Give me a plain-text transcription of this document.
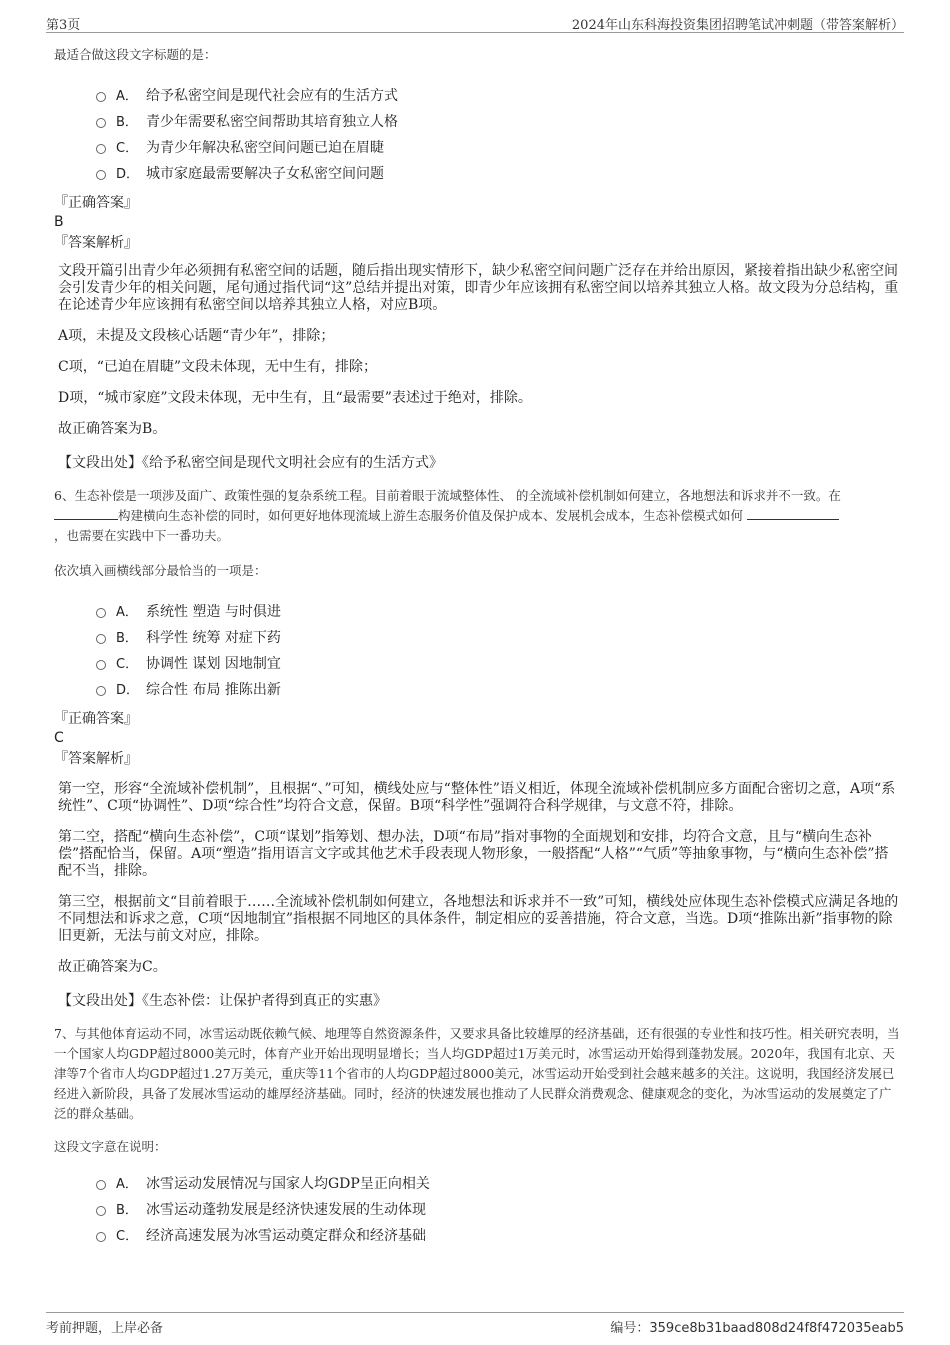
第3页	2024年山东科海投资集团招聘笔试冲刺题（带答案解析）

最适合做这段文字标题的是：

A． 给予私密空间是现代社会应有的生活方式
B． 青少年需要私密空间帮助其培育独立人格
C． 为青少年解决私密空间问题已迫在眉睫
D． 城市家庭最需要解决子女私密空间问题

『正确答案』

B

『答案解析』

文段开篇引出青少年必须拥有私密空间的话题，随后指出现实情形下，缺少私密空间问题广泛存在并给出原因，紧接着指出缺少私密空间会引发青少年的相关问题，尾句通过指代词“这”总结并提出对策，即青少年应该拥有私密空间以培养其独立人格。故文段为分总结构，重在论述青少年应该拥有私密空间以培养其独立人格，对应B项。

A项，未提及文段核心话题“青少年”，排除；

C项，“已迫在眉睫”文段未体现，无中生有，排除；

D项，“城市家庭”文段未体现，无中生有，且“最需要”表述过于绝对，排除。

故正确答案为B。

【文段出处】《给予私密空间是现代文明社会应有的生活方式》

6、生态补偿是一项涉及面广、政策性强的复杂系统工程。目前着眼于流域整体性、 的全流域补偿机制如何建立，各地想法和诉求并不一致。在
构建横向生态补偿的同时，如何更好地体现流域上游生态服务价值及保护成本、发展机会成本，生态补偿模式如何
，也需要在实践中下一番功夫。

依次填入画横线部分最恰当的一项是：

A． 系统性 塑造 与时俱进
B． 科学性 统筹 对症下药
C． 协调性 谋划 因地制宜
D． 综合性 布局 推陈出新

『正确答案』

C

『答案解析』

第一空，形容“全流域补偿机制”，且根据“、”可知，横线处应与“整体性”语义相近，体现全流域补偿机制应多方面配合密切之意，A项“系统性”、C项“协调性”、D项“综合性”均符合文意，保留。B项“科学性”强调符合科学规律，与文意不符，排除。

第二空，搭配“横向生态补偿”，C项“谋划”指筹划、想办法，D项“布局”指对事物的全面规划和安排，均符合文意，且与“横向生态补偿”搭配恰当，保留。A项“塑造”指用语言文字或其他艺术手段表现人物形象，一般搭配“人格”“气质”等抽象事物，与“横向生态补偿”搭配不当，排除。

第三空，根据前文“目前着眼于……全流域补偿机制如何建立，各地想法和诉求并不一致”可知，横线处应体现生态补偿模式应满足各地的不同想法和诉求之意，C项“因地制宜”指根据不同地区的具体条件，制定相应的妥善措施，符合文意，当选。D项“推陈出新”指事物的除旧更新，无法与前文对应，排除。

故正确答案为C。

【文段出处】《生态补偿：让保护者得到真正的实惠》

7、与其他体育运动不同，冰雪运动既依赖气候、地理等自然资源条件，又要求具备比较雄厚的经济基础，还有很强的专业性和技巧性。相关研究表明，当一个国家人均GDP超过8000美元时，体育产业开始出现明显增长；当人均GDP超过1万美元时，冰雪运动开始得到蓬勃发展。2020年，我国有北京、天津等7个省市人均GDP超过1.27万美元，重庆等11个省市的人均GDP超过8000美元，冰雪运动开始受到社会越来越多的关注。这说明，我国经济发展已经进入新阶段，具备了发展冰雪运动的雄厚经济基础。同时，经济的快速发展也推动了人民群众消费观念、健康观念的变化，为冰雪运动的发展奠定了广泛的群众基础。

这段文字意在说明：

A． 冰雪运动发展情况与国家人均GDP呈正向相关
B． 冰雪运动蓬勃发展是经济快速发展的生动体现
C． 经济高速发展为冰雪运动奠定群众和经济基础
考前押题，上岸必备	编号：359ce8b31baad808d24f8f472035eab5
